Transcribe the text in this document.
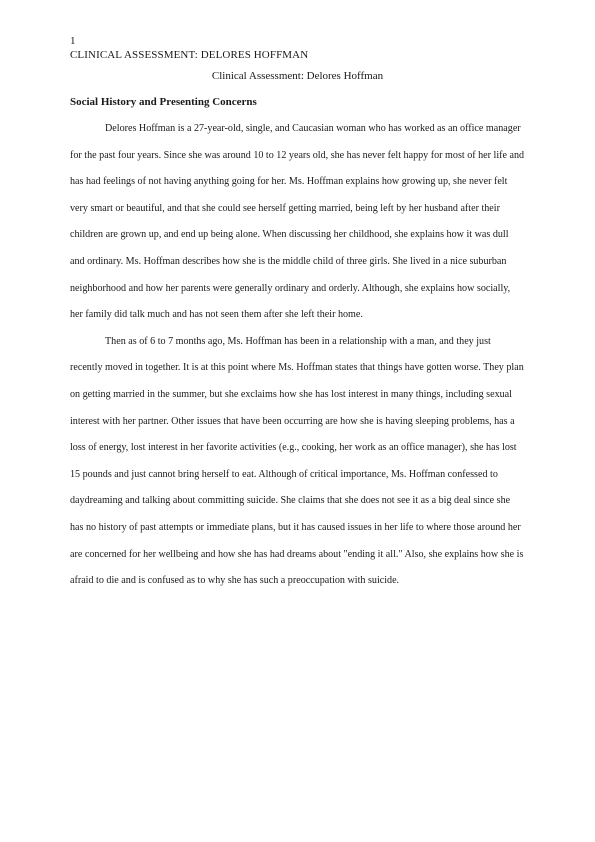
1
CLINICAL ASSESSMENT: DELORES HOFFMAN
Clinical Assessment: Delores Hoffman
Social History and Presenting Concerns

Delores Hoffman is a 27-year-old, single, and Caucasian woman who has worked as an office manager for the past four years. Since she was around 10 to 12 years old, she has never felt happy for most of her life and has had feelings of not having anything going for her. Ms. Hoffman explains how growing up, she never felt very smart or beautiful, and that she could see herself getting married, being left by her husband after their children are grown up, and end up being alone. When discussing her childhood, she explains how it was dull and ordinary. Ms. Hoffman describes how she is the middle child of three girls. She lived in a nice suburban neighborhood and how her parents were generally ordinary and orderly. Although, she explains how socially, her family did talk much and has not seen them after she left their home.

Then as of 6 to 7 months ago, Ms. Hoffman has been in a relationship with a man, and they just recently moved in together. It is at this point where Ms. Hoffman states that things have gotten worse. They plan on getting married in the summer, but she exclaims how she has lost interest in many things, including sexual interest with her partner. Other issues that have been occurring are how she is having sleeping problems, has a loss of energy, lost interest in her favorite activities (e.g., cooking, her work as an office manager), she has lost 15 pounds and just cannot bring herself to eat. Although of critical importance, Ms. Hoffman confessed to daydreaming and talking about committing suicide. She claims that she does not see it as a big deal since she has no history of past attempts or immediate plans, but it has caused issues in her life to where those around her are concerned for her wellbeing and how she has had dreams about "ending it all." Also, she explains how she is afraid to die and is confused as to why she has such a preoccupation with suicide.
